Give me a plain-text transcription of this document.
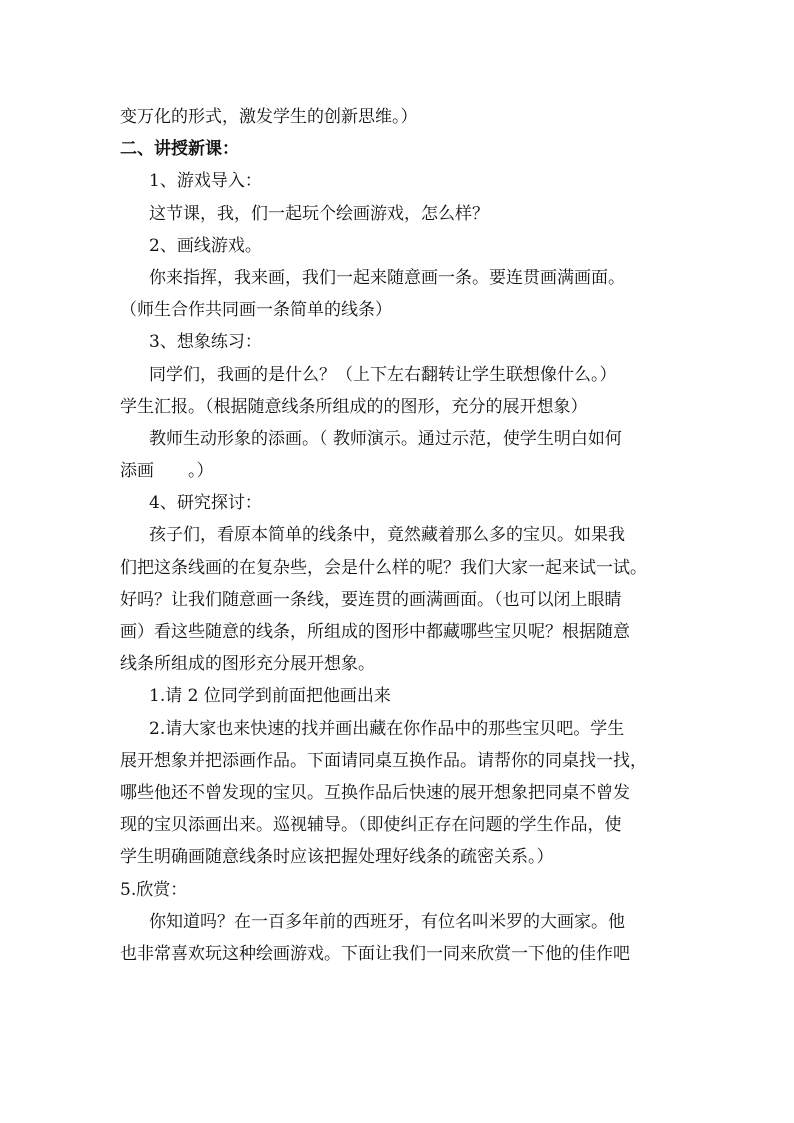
变万化的形式，激发学生的创新思维。）
二、讲授新课：
1、游戏导入：
这节课，我，们一起玩个绘画游戏，怎么样？
2、画线游戏。
你来指挥，我来画，我们一起来随意画一条。要连贯画满画面。
（师生合作共同画一条简单的线条）
3、想象练习：
同学们，我画的是什么？（上下左右翻转让学生联想像什么。）
学生汇报。（根据随意线条所组成的的图形，充分的展开想象）
教师生动形象的添画。（ 教师演示。通过示范，使学生明白如何
添画　　。）
4、研究探讨：
孩子们，看原本简单的线条中，竟然藏着那么多的宝贝。如果我
们把这条线画的在复杂些，会是什么样的呢？我们大家一起来试一试。
好吗？让我们随意画一条线，要连贯的画满画面。（也可以闭上眼睛
画）看这些随意的线条，所组成的图形中都藏哪些宝贝呢？根据随意
线条所组成的图形充分展开想象。
1.请 2 位同学到前面把他画出来
2.请大家也来快速的找并画出藏在你作品中的那些宝贝吧。学生
展开想象并把添画作品。下面请同桌互换作品。请帮你的同桌找一找，
哪些他还不曾发现的宝贝。互换作品后快速的展开想象把同桌不曾发
现的宝贝添画出来。巡视辅导。（即使纠正存在问题的学生作品，使
学生明确画随意线条时应该把握处理好线条的疏密关系。）
5.欣赏：
你知道吗？在一百多年前的西班牙，有位名叫米罗的大画家。他
也非常喜欢玩这种绘画游戏。下面让我们一同来欣赏一下他的佳作吧
